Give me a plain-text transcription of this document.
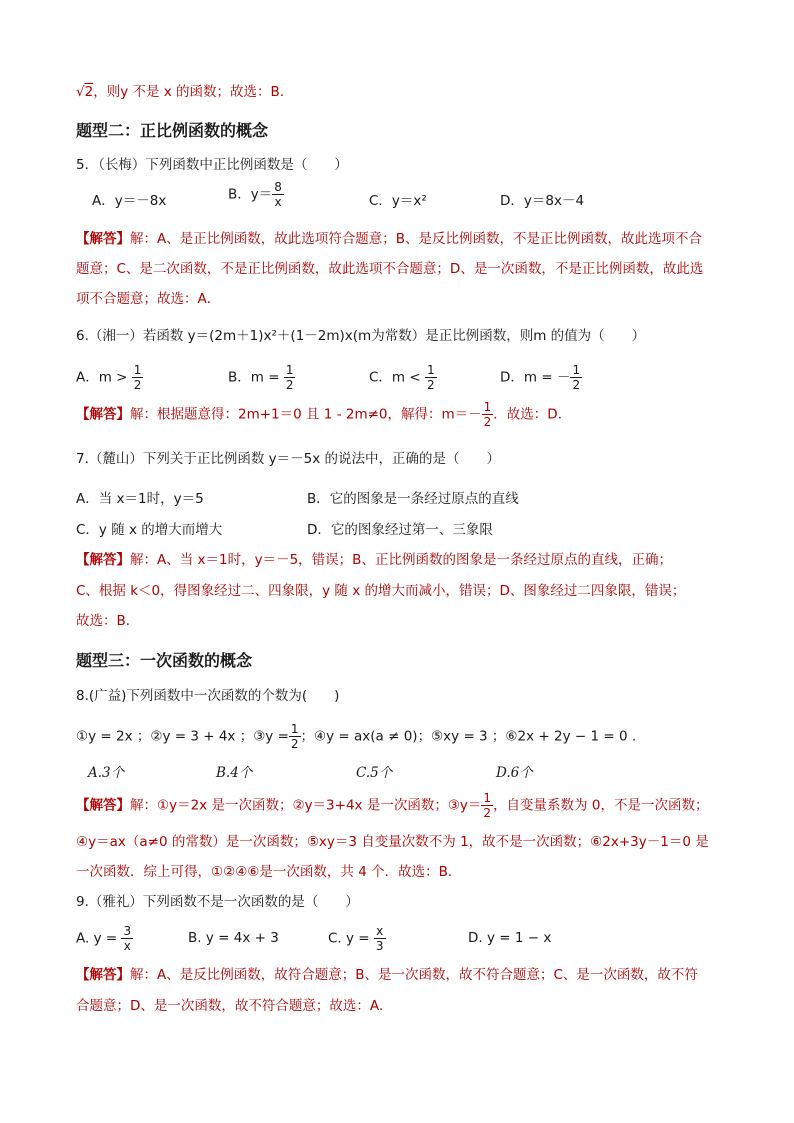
√2，则y 不是 x 的函数；故选：B．
题型二：正比例函数的概念
5．（长梅）下列函数中正比例函数是（　　）
A．y＝－8x	B．$y= \frac{8}{x}$	C．y＝x²	D．y＝8x－4
【解答】解：A、是正比例函数，故此选项符合题意；B、是反比例函数，不是正比例函数，故此选项不合
题意；C、是二次函数，不是正比例函数，故此选项不合题意；D、是一次函数，不是正比例函数，故此选
项不合题意；故选：A．
6.（湘一）若函数 y＝(2m＋1)x²＋(1－2m)x(m为常数）是正比例函数，则m 的值为（　　）
A．$m > \frac{1}{2}$	B．$m = \frac{1}{2}$	C．$m < \frac{1}{2}$	D．m = － $\frac{1}{2}$
【解答】解：根据题意得：2m+1＝0 且 1 - 2m≠0，解得：$m=- \frac{1}{2}$ ．故选：D．
7.（麓山）下列关于正比例函数 y＝－5x 的说法中，正确的是（　　）
A．当 x＝1时，y＝5	B．它的图象是一条经过原点的直线
C．y 随 x 的增大而增大	D．它的图象经过第一、三象限
【解答】解：A、当 x＝1时，y＝－5，错误；B、正比例函数的图象是一条经过原点的直线，正确；
C、根据 k＜0，得图象经过二、四象限，y 随 x 的增大而减小，错误；D、图象经过二四象限，错误；
故选：B．
题型三：一次函数的概念
8.(广益)下列函数中一次函数的个数为(　　)
①y = 2x ；②y = 3 + 4x ；③y = $\frac{1}{2}$ ；④y = ax(a ≠ 0)；⑤xy = 3 ；⑥2x + 2y − 1 = 0 .
A.3个	B.4个	C.5个	D.6个
【解答】解：①y＝2x 是一次函数；②y＝3+4x 是一次函数；③y＝ $\frac{1}{2}$ ，自变量系数为 0，不是一次函数；
④y＝ax（a≠0 的常数）是一次函数；⑤xy＝3 自变量次数不为 1，故不是一次函数；⑥2x+3y－1＝0 是
一次函数．综上可得，①②④⑥是一次函数，共 4 个．故选：B．
9.（雅礼）下列函数不是一次函数的是（　　）
A. $y = \frac{3}{x}$	B. y = 4x + 3	C. $y = \frac{x}{3}$	D. y = 1 − x
【解答】解：A、是反比例函数，故符合题意；B、是一次函数，故不符合题意；C、是一次函数，故不符
合题意；D、是一次函数，故不符合题意；故选：A.
